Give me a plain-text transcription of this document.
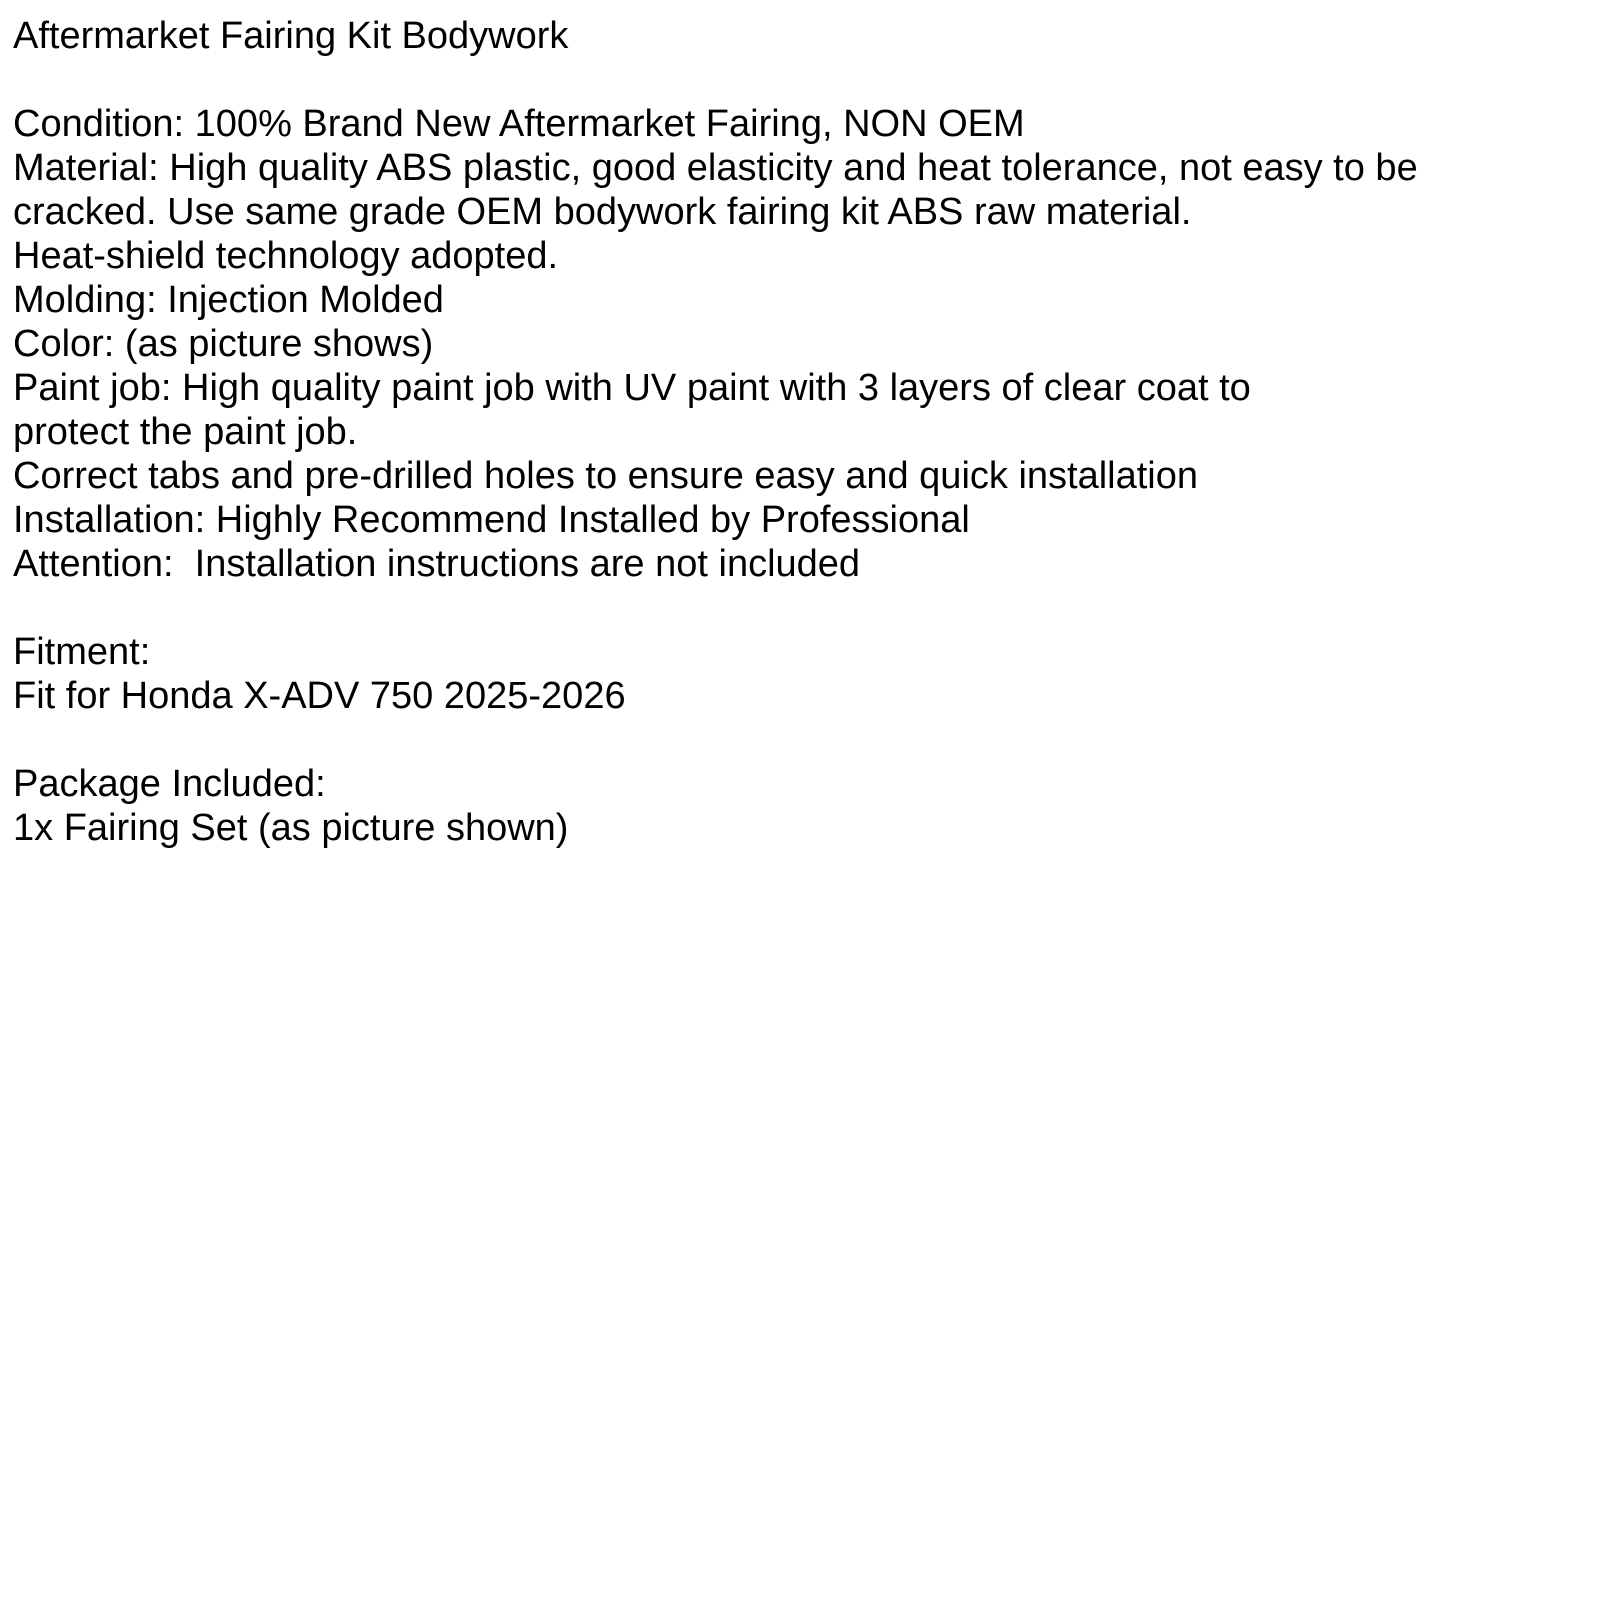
Aftermarket Fairing Kit Bodywork

Condition: 100% Brand New Aftermarket Fairing, NON OEM

Material: High quality ABS plastic, good elasticity and heat tolerance, not easy to be

cracked. Use same grade OEM bodywork fairing kit ABS raw material.

Heat-shield technology adopted.

Molding: Injection Molded

Color: (as picture shows)

Paint job: High quality paint job with UV paint with 3 layers of clear coat to

protect the paint job.

Correct tabs and pre-drilled holes to ensure easy and quick installation

Installation: Highly Recommend Installed by Professional

Attention:  Installation instructions are not included

Fitment:

Fit for Honda X-ADV 750 2025-2026

Package Included:

1x Fairing Set (as picture shown)
